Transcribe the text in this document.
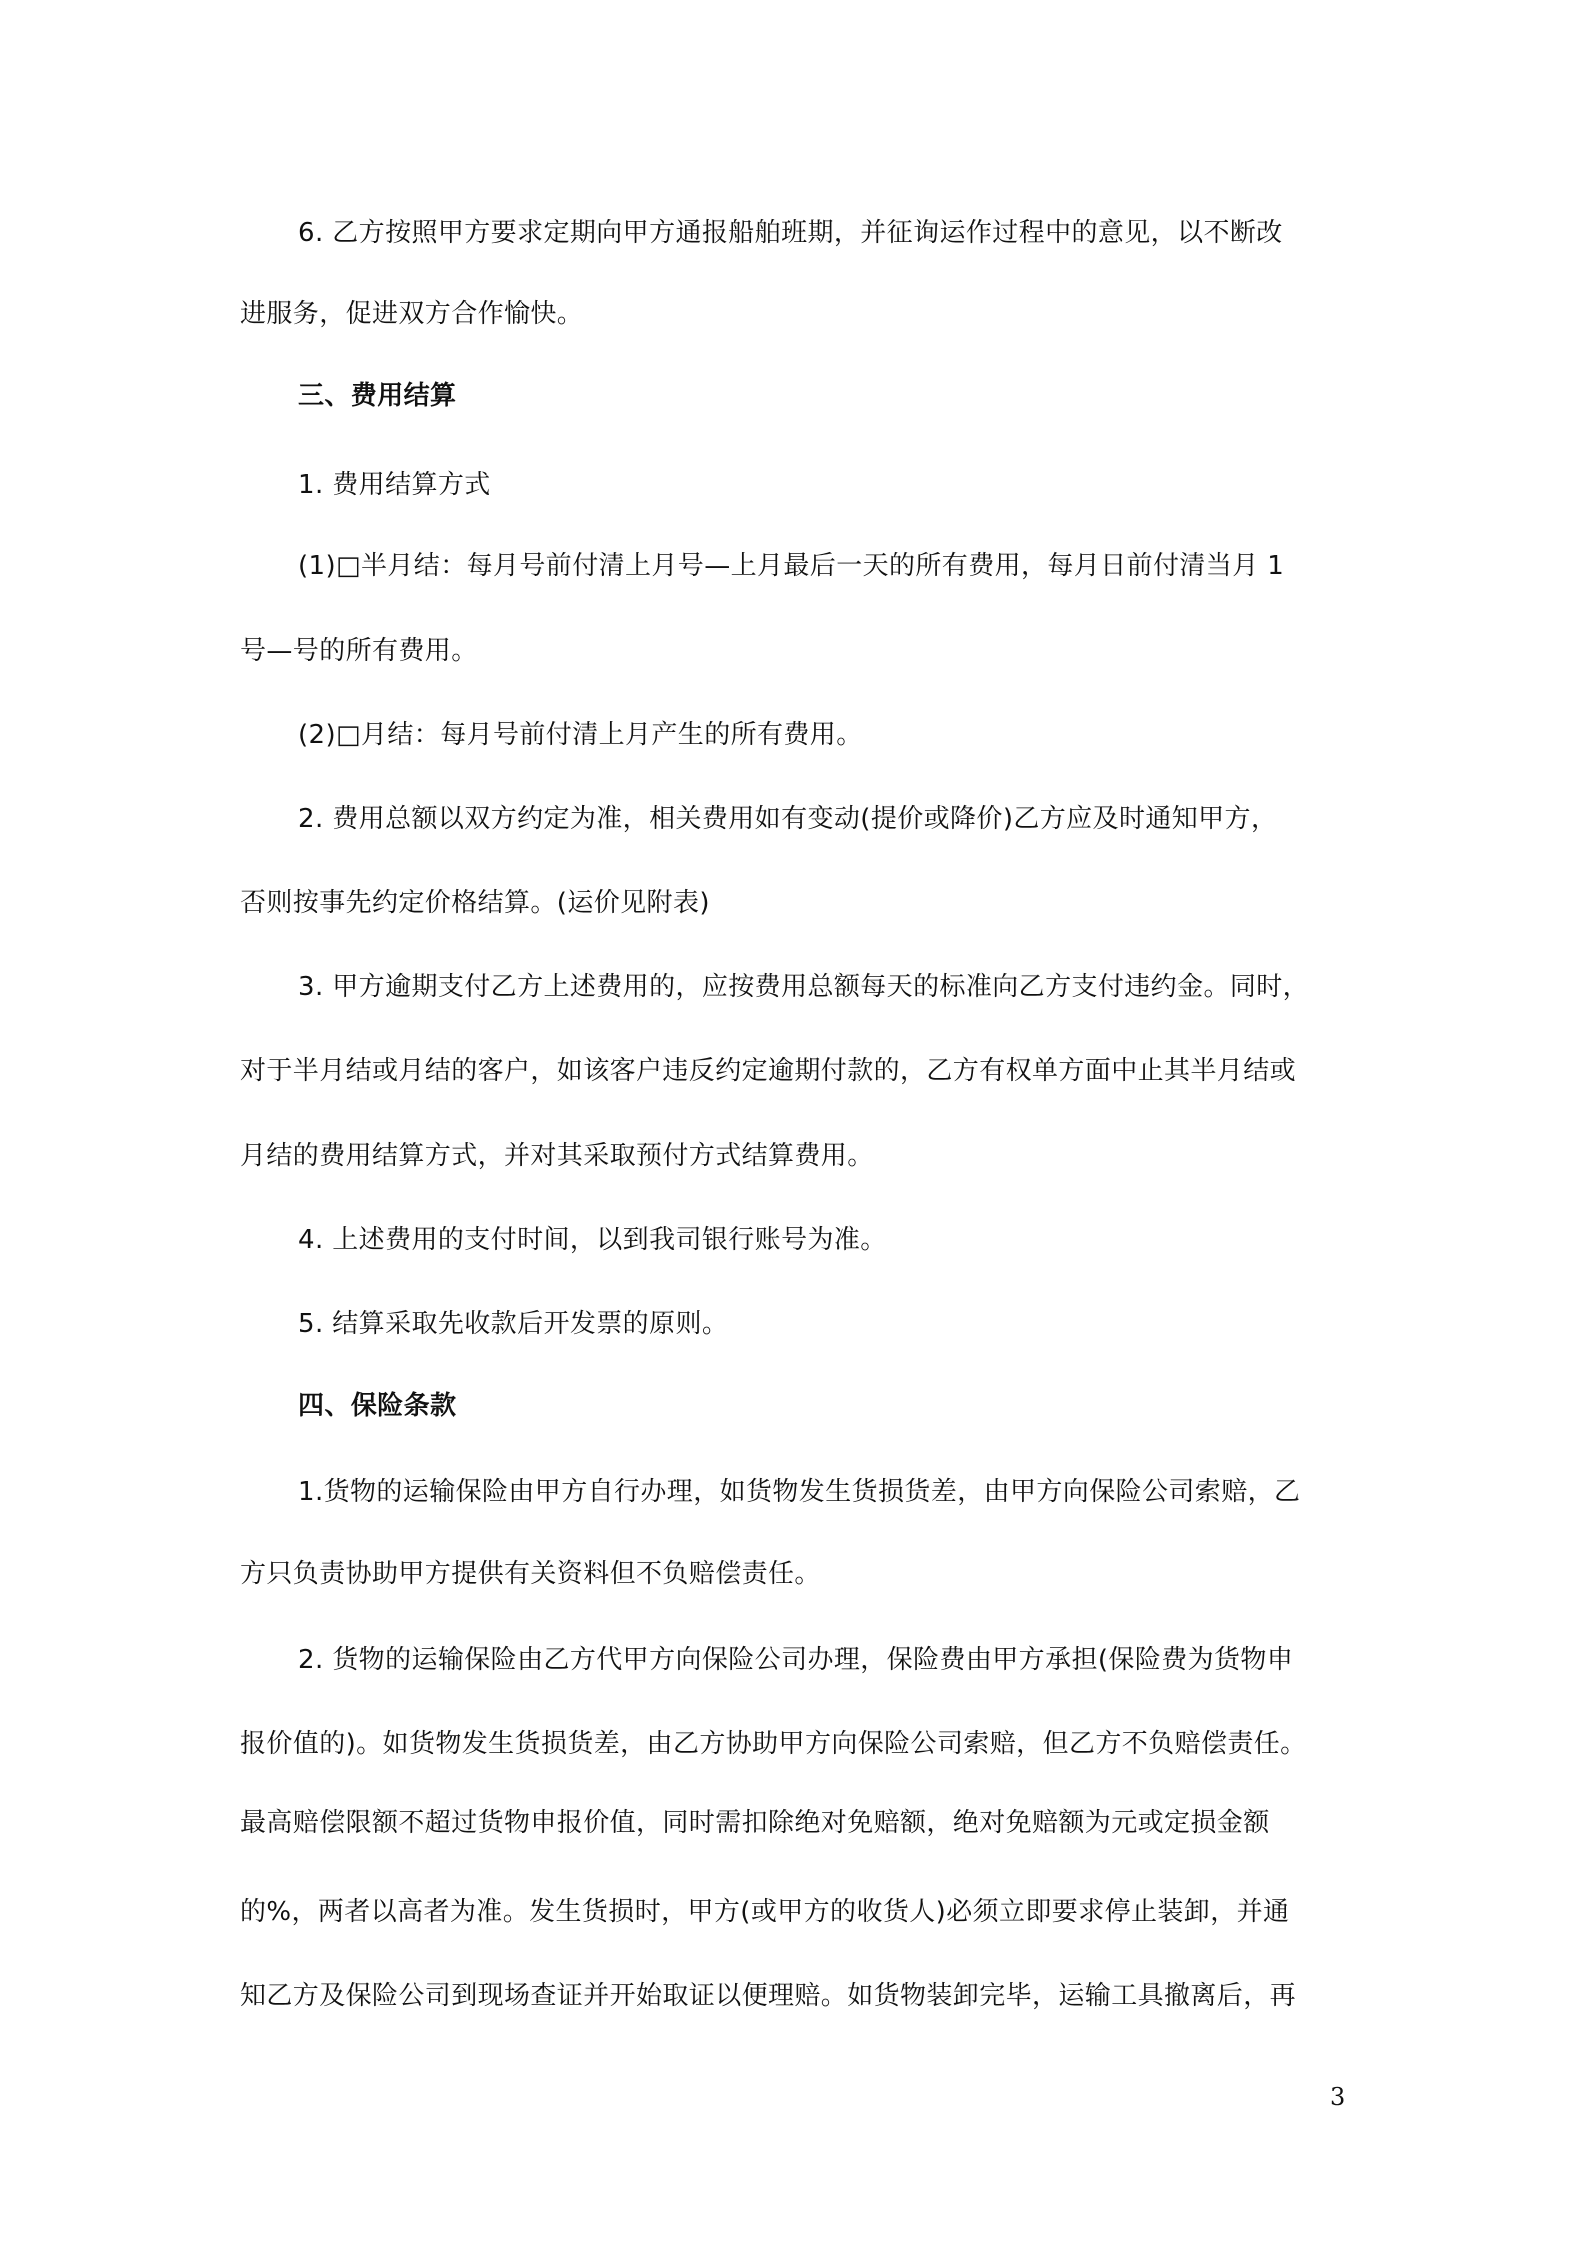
6. 乙方按照甲方要求定期向甲方通报船舶班期，并征询运作过程中的意见，以不断改
进服务，促进双方合作愉快。
三、费用结算
1. 费用结算方式
(1)□半月结：每月号前付清上月号—上月最后一天的所有费用，每月日前付清当月 1
号—号的所有费用。
(2)□月结：每月号前付清上月产生的所有费用。
2. 费用总额以双方约定为准，相关费用如有变动(提价或降价)乙方应及时通知甲方，
否则按事先约定价格结算。(运价见附表)
3. 甲方逾期支付乙方上述费用的，应按费用总额每天的标准向乙方支付违约金。同时，
对于半月结或月结的客户，如该客户违反约定逾期付款的，乙方有权单方面中止其半月结或
月结的费用结算方式，并对其采取预付方式结算费用。
4. 上述费用的支付时间，以到我司银行账号为准。
5. 结算采取先收款后开发票的原则。
四、保险条款
1.货物的运输保险由甲方自行办理，如货物发生货损货差，由甲方向保险公司索赔，乙
方只负责协助甲方提供有关资料但不负赔偿责任。
2. 货物的运输保险由乙方代甲方向保险公司办理，保险费由甲方承担(保险费为货物申
报价值的)。如货物发生货损货差，由乙方协助甲方向保险公司索赔，但乙方不负赔偿责任。
最高赔偿限额不超过货物申报价值，同时需扣除绝对免赔额，绝对免赔额为元或定损金额
的%，两者以高者为准。发生货损时，甲方(或甲方的收货人)必须立即要求停止装卸，并通
知乙方及保险公司到现场查证并开始取证以便理赔。如货物装卸完毕，运输工具撤离后，再
3
